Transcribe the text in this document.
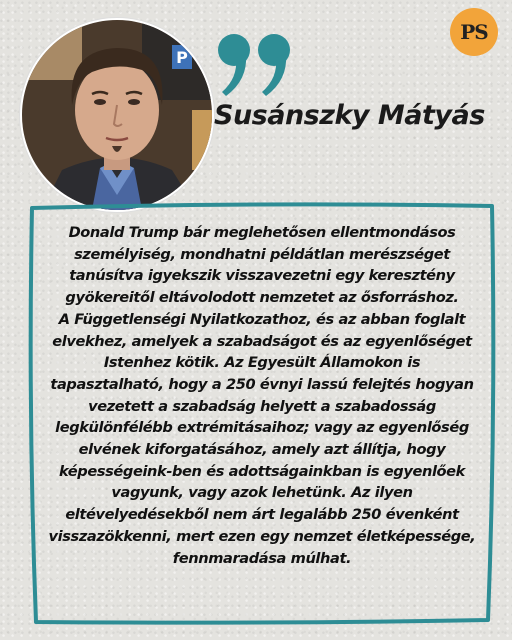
PS
P
Susánszky Mátyás

Donald Trump bár meglehetősen ellentmondásos személyiség, mondhatni példátlan merészséget tanúsítva igyekszik visszavezetni egy keresztény gyökereitől eltávolodott nemzetet az ősforráshoz.

A Függetlenségi Nyilatkozathoz, és az abban foglalt elvekhez, amelyek a szabadságot és az egyenlőséget Istenhez kötik. Az Egyesült Államokon is tapasztalható, hogy a 250 évnyi lassú felejtés hogyan vezetett a szabadság helyett a szabadosság legkülönfélébb extrémitásaihoz; vagy az egyenlőség elvének kiforgatásához, amely azt állítja, hogy képességeink-ben és adottságainkban is egyenlőek vagyunk, vagy azok lehetünk. Az ilyen eltévelyedésekből nem árt legalább 250 évenként visszazökkenni, mert ezen egy nemzet életképessége, fennmaradása múlhat.
